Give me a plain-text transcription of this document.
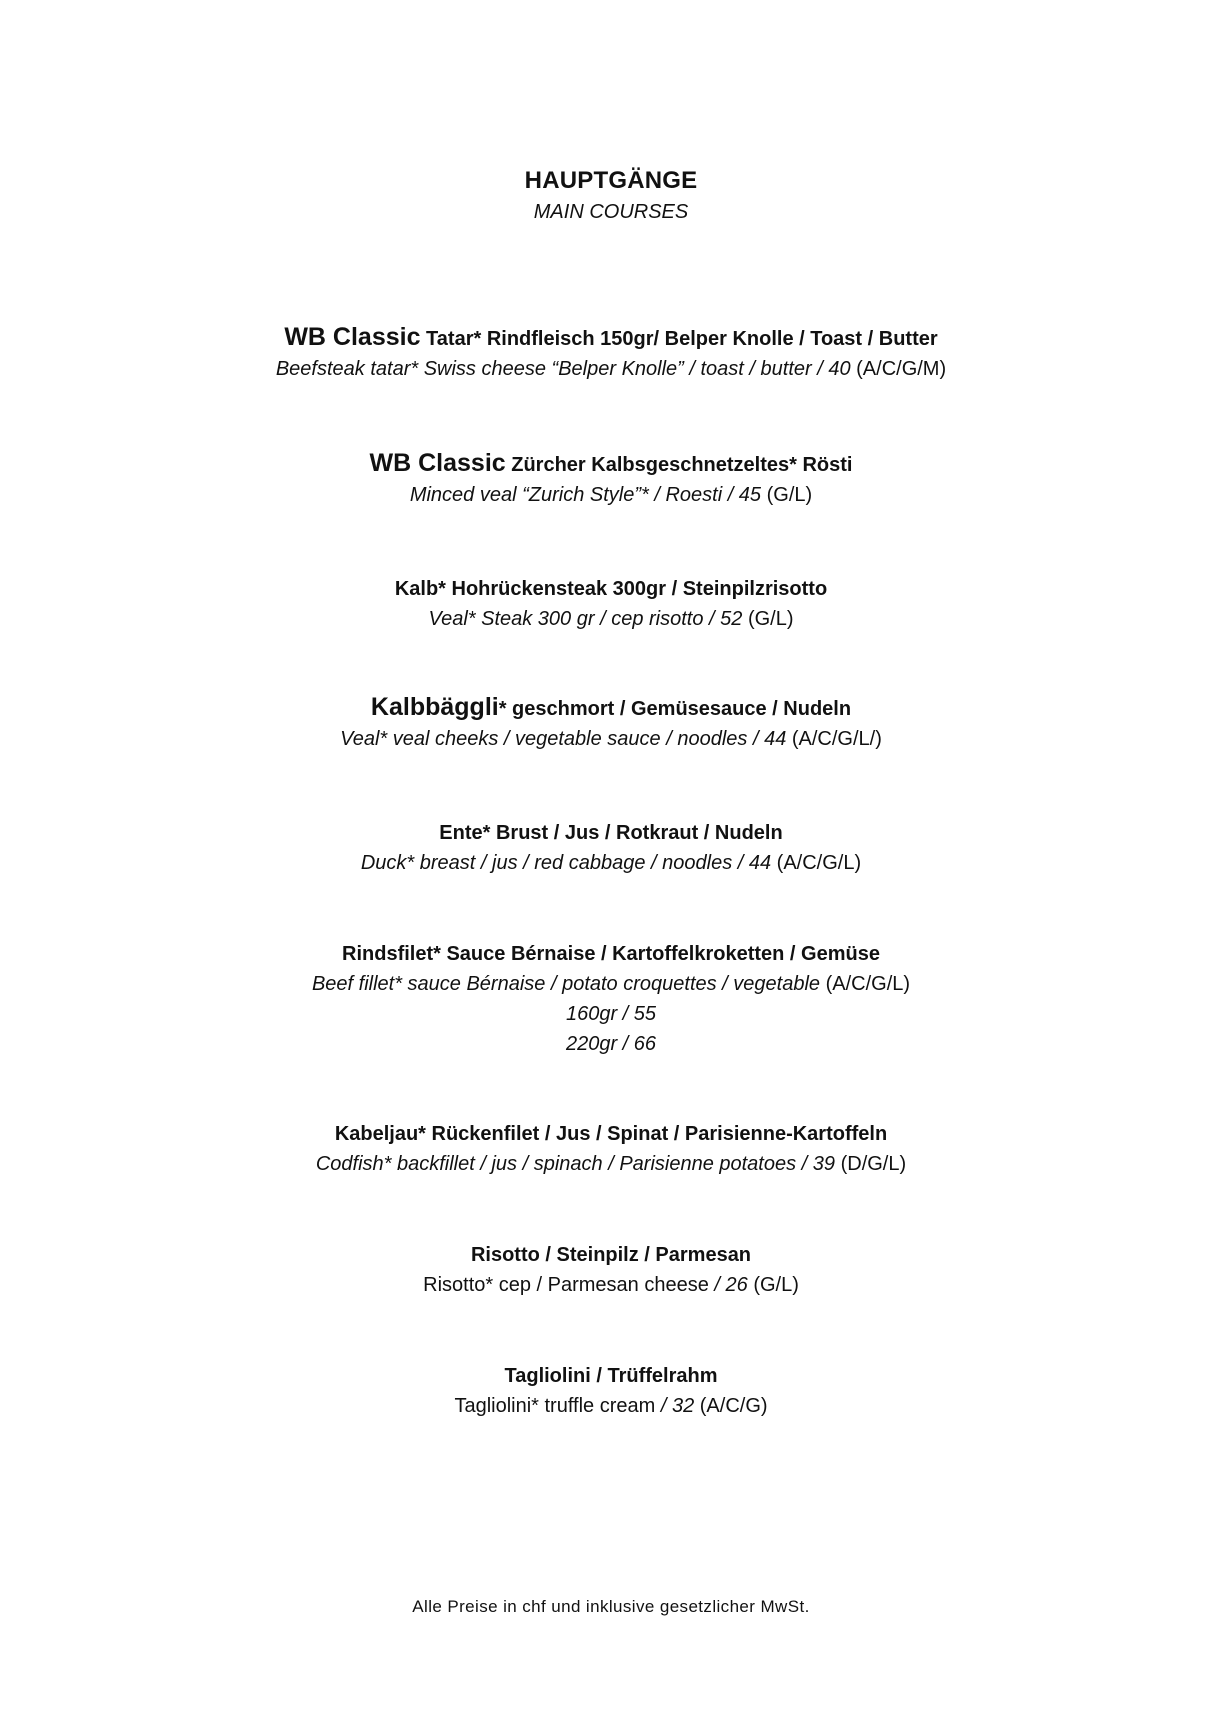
HAUPTGÄNGE
MAIN COURSES
WB Classic Tatar* Rindfleisch 150gr/ Belper Knolle / Toast / Butter
Beefsteak tatar* Swiss cheese “Belper Knolle” / toast / butter / 40 (A/C/G/M)
WB Classic Zürcher Kalbsgeschnetzeltes* Rösti
Minced veal “Zurich Style”* / Roesti / 45 (G/L)
Kalb* Hohrückensteak 300gr / Steinpilzrisotto
Veal* Steak 300 gr / cep risotto / 52 (G/L)
Kalbbäggli* geschmort / Gemüsesauce / Nudeln
Veal* veal cheeks / vegetable sauce / noodles / 44 (A/C/G/L/)
Ente* Brust / Jus / Rotkraut / Nudeln
Duck* breast / jus / red cabbage / noodles / 44 (A/C/G/L)
Rindsfilet* Sauce Bérnaise / Kartoffelkroketten / Gemüse
Beef fillet* sauce Bérnaise / potato croquettes / vegetable (A/C/G/L)
160gr / 55
220gr / 66
Kabeljau* Rückenfilet / Jus / Spinat / Parisienne-Kartoffeln
Codfish* backfillet / jus / spinach / Parisienne potatoes / 39 (D/G/L)
Risotto / Steinpilz / Parmesan
Risotto* cep / Parmesan cheese / 26 (G/L)
Tagliolini / Trüffelrahm
Tagliolini* truffle cream / 32 (A/C/G)
Alle Preise in chf und inklusive gesetzlicher MwSt.
